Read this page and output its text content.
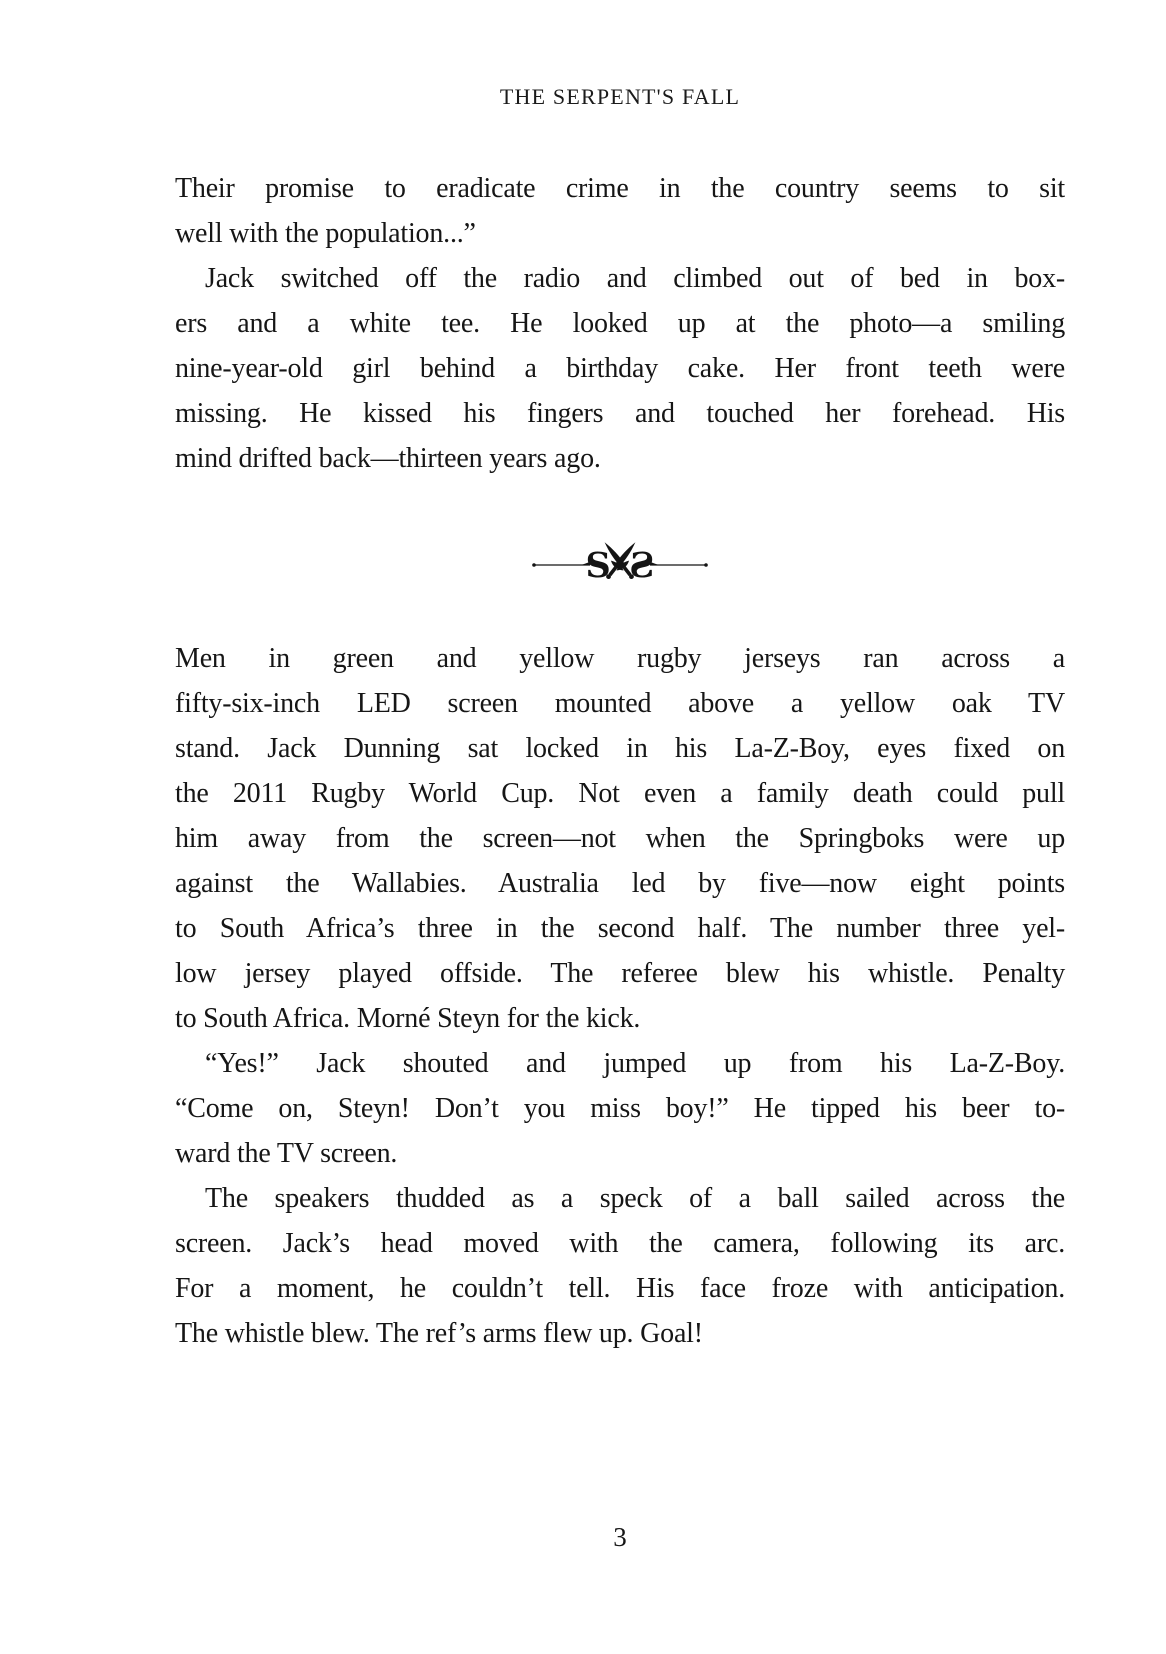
THE SERPENT'S FALL

Their promise to eradicate crime in the country seems to sit
well with the population...”

Jack switched off the radio and climbed out of bed in box-
ers and a white tee. He looked up at the photo—a smiling
nine-year-old girl behind a birthday cake. Her front teeth were
missing. He kissed his fingers and touched her forehead. His
mind drifted back—thirteen years ago.

S S

Men in green and yellow rugby jerseys ran across a
fifty-six-inch LED screen mounted above a yellow oak TV
stand. Jack Dunning sat locked in his La-Z-Boy, eyes fixed on
the 2011 Rugby World Cup. Not even a family death could pull
him away from the screen—not when the Springboks were up
against the Wallabies. Australia led by five—now eight points
to South Africa’s three in the second half. The number three yel-
low jersey played offside. The referee blew his whistle. Penalty
to South Africa. Morné Steyn for the kick.

“Yes!” Jack shouted and jumped up from his La-Z-Boy.
“Come on, Steyn! Don’t you miss boy!” He tipped his beer to-
ward the TV screen.

The speakers thudded as a speck of a ball sailed across the
screen. Jack’s head moved with the camera, following its arc.
For a moment, he couldn’t tell. His face froze with anticipation.
The whistle blew. The ref’s arms flew up. Goal!

3
